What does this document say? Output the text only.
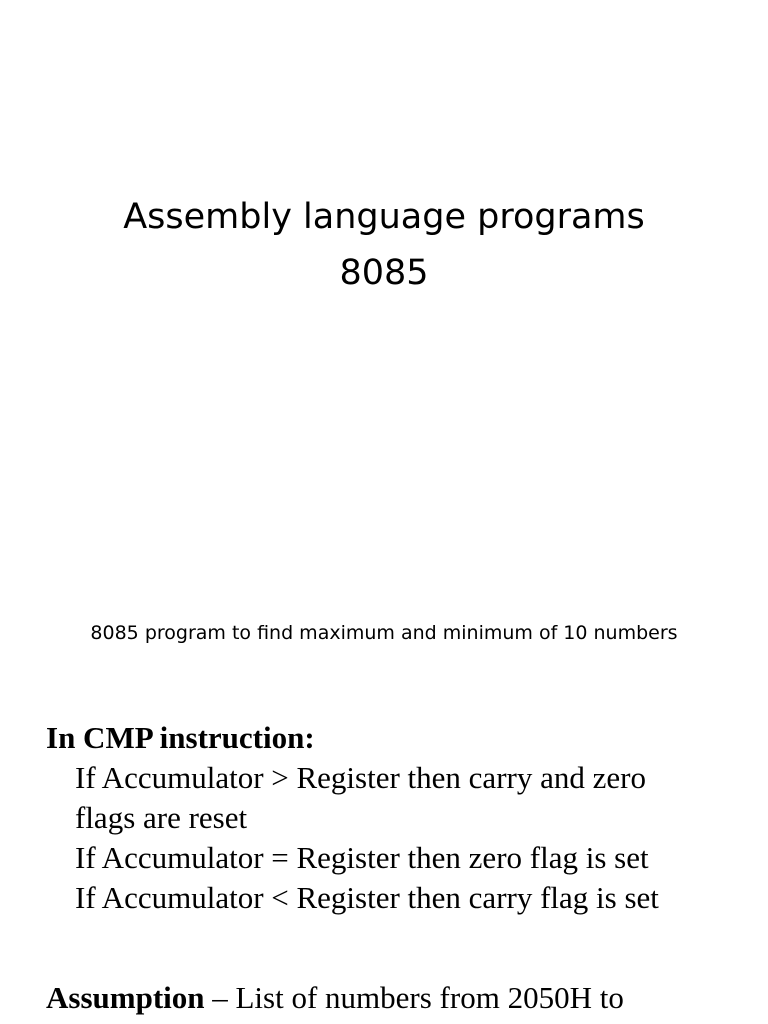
Assembly language programs
8085
8085 program to find maximum and minimum of 10 numbers
In CMP instruction:
If Accumulator > Register then carry and zero
flags are reset
If Accumulator = Register then zero flag is set
If Accumulator < Register then carry flag is set
Assumption – List of numbers from 2050H to
